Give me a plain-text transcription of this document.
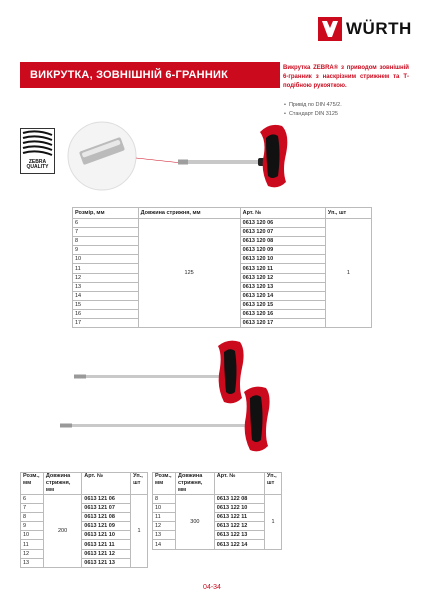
WÜRTH
ВИКРУТКА, ЗОВНІШНІЙ 6-ГРАННИК
Викрутка ZEBRA® з приводом зовнішній 6-гранник з наскрізним стрижнем та Т-подібною рукояткою.
• Привід по DIN 475/2.
• Стандарт DIN 3125
ZEBRA
QUALITY
Розмір, мм	Довжина стрижня, мм	Арт. №	Уп., шт
6	125	0613 120 06	1
7		0613 120 07	
8		0613 120 08	
9		0613 120 09	
10		0613 120 10	
11		0613 120 11	
12		0613 120 12	
13		0613 120 13	
14		0613 120 14	
15		0613 120 15	
16		0613 120 16	
17		0613 120 17	
Розм., мм	Довжина стрижня, мм	Арт. №	Уп., шт
6	200	0613 121 06	1
7		0613 121 07	
8		0613 121 08	
9		0613 121 09	
10		0613 121 10	
11		0613 121 11	
12		0613 121 12	
13		0613 121 13	
Розм., мм	Довжина стрижня, мм	Арт. №	Уп., шт
8	300	0613 122 08	1
10		0613 122 10	
11		0613 122 11	
12		0613 122 12	
13		0613 122 13	
14		0613 122 14	
04-34
